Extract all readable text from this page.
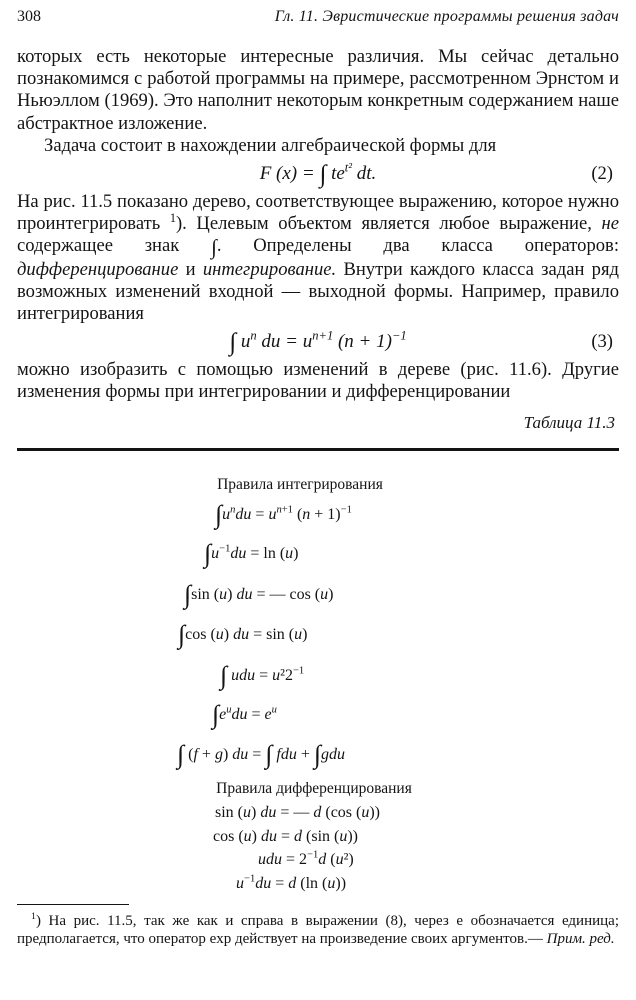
308	Гл. 11. Эвристические программы решения задач

которых есть некоторые интересные различия. Мы сейчас детально познакомимся с работой программы на примере, рассмотренном Эрнстом и Ньюэллом (1969). Это наполнит некоторым конкретным содержанием наше абстрактное изложение.

Задача состоит в нахождении алгебраической формы для

F (x) = ∫ $te^{t^2}$ dt.	(2)

На рис. 11.5 показано дерево, соответствующее выражению, которое нужно проинтегрировать $^1$). Целевым объектом является любое выражение, не содержащее знак ∫. Определены два класса операторов: дифференцирование и интегрирование. Внутри каждого класса задан ряд возможных изменений входной — выходной формы. Например, правило интегрирования

∫ $u^n$ du = $u^{n+1}$ $(n + 1)^{-1}$	(3)

можно изобразить с помощью изменений в дереве (рис. 11.6). Другие изменения формы при интегрировании и дифференцировании

Таблица 11.3
Правила интегрирования
$\int u^ndu = u^{n+1}$ $(n + 1)^{-1}$
$\int u^{-1}du = \ln (u)$
∫sin (u) du = — cos (u)
∫cos (u) du = sin (u)
∫ udu = $u^22^{-1}$
$\int e^udu = e^u$
∫ (f + g) du = ∫ fdu + ∫gdu
Правила дифференцирования
sin (u) du = — d (cos (u))
cos (u) du = d (sin (u))
udu = $2^{-1}d$ (u²)
$u^{-1}du = d$ (ln (u))
$^1$) На рис. 11.5, так же как и справа в выражении (8), через e обозначается единица; предполагается, что оператор exp действует на произведение своих аргументов.— Прим. ред.
